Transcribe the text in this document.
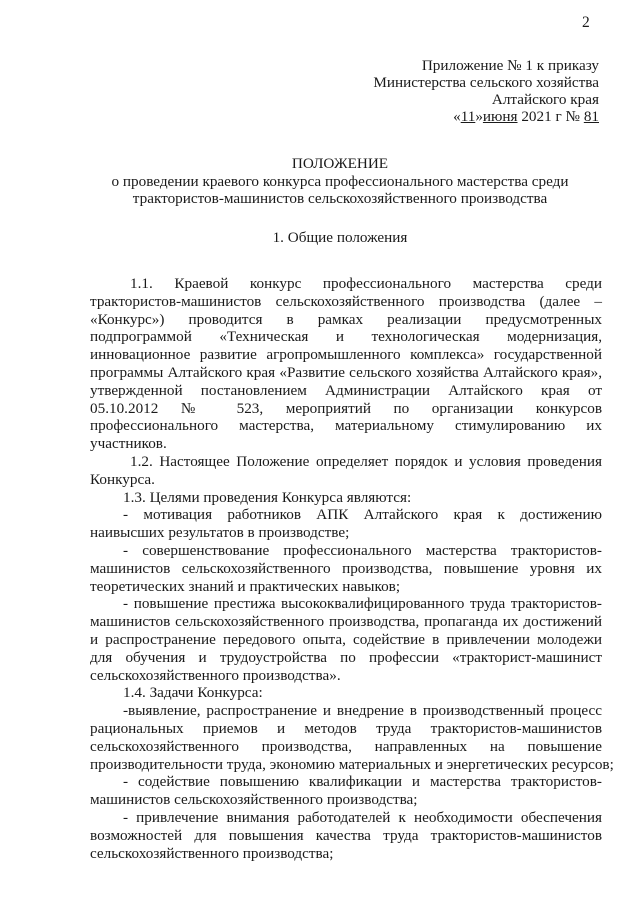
2
Приложение № 1 к приказу
Министерства сельского хозяйства
Алтайского края
«11»июня 2021 г № 81
ПОЛОЖЕНИЕ
о проведении краевого конкурса профессионального мастерства среди
трактористов-машинистов сельскохозяйственного производства
1. Общие положения
1.1. Краевой конкурс профессионального мастерства среди
трактористов-машинистов сельскохозяйственного производства (далее –
«Конкурс») проводится в рамках реализации предусмотренных
подпрограммой «Техническая и технологическая модернизация,
инновационное развитие агропромышленного комплекса» государственной
программы Алтайского края «Развитие сельского хозяйства Алтайского края»,
утвержденной постановлением Администрации Алтайского края от
05.10.2012 № 523, мероприятий по организации конкурсов
профессионального мастерства, материальному стимулированию их
участников.
1.2. Настоящее Положение определяет порядок и условия проведения
Конкурса.
1.3. Целями проведения Конкурса являются:
- мотивация работников АПК Алтайского края к достижению
наивысших результатов в производстве;
- совершенствование профессионального мастерства трактористов-
машинистов сельскохозяйственного производства, повышение уровня их
теоретических знаний и практических навыков;
- повышение престижа высококвалифицированного труда трактористов-
машинистов сельскохозяйственного производства, пропаганда их достижений
и распространение передового опыта, содействие в привлечении молодежи
для обучения и трудоустройства по профессии «тракторист-машинист
сельскохозяйственного производства».
1.4. Задачи Конкурса:
-выявление, распространение и внедрение в производственный процесс
рациональных приемов и методов труда трактористов-машинистов
сельскохозяйственного производства, направленных на повышение
производительности труда, экономию материальных и энергетических ресурсов;
- содействие повышению квалификации и мастерства трактористов-
машинистов сельскохозяйственного производства;
- привлечение внимания работодателей к необходимости обеспечения
возможностей для повышения качества труда трактористов-машинистов
сельскохозяйственного производства;
